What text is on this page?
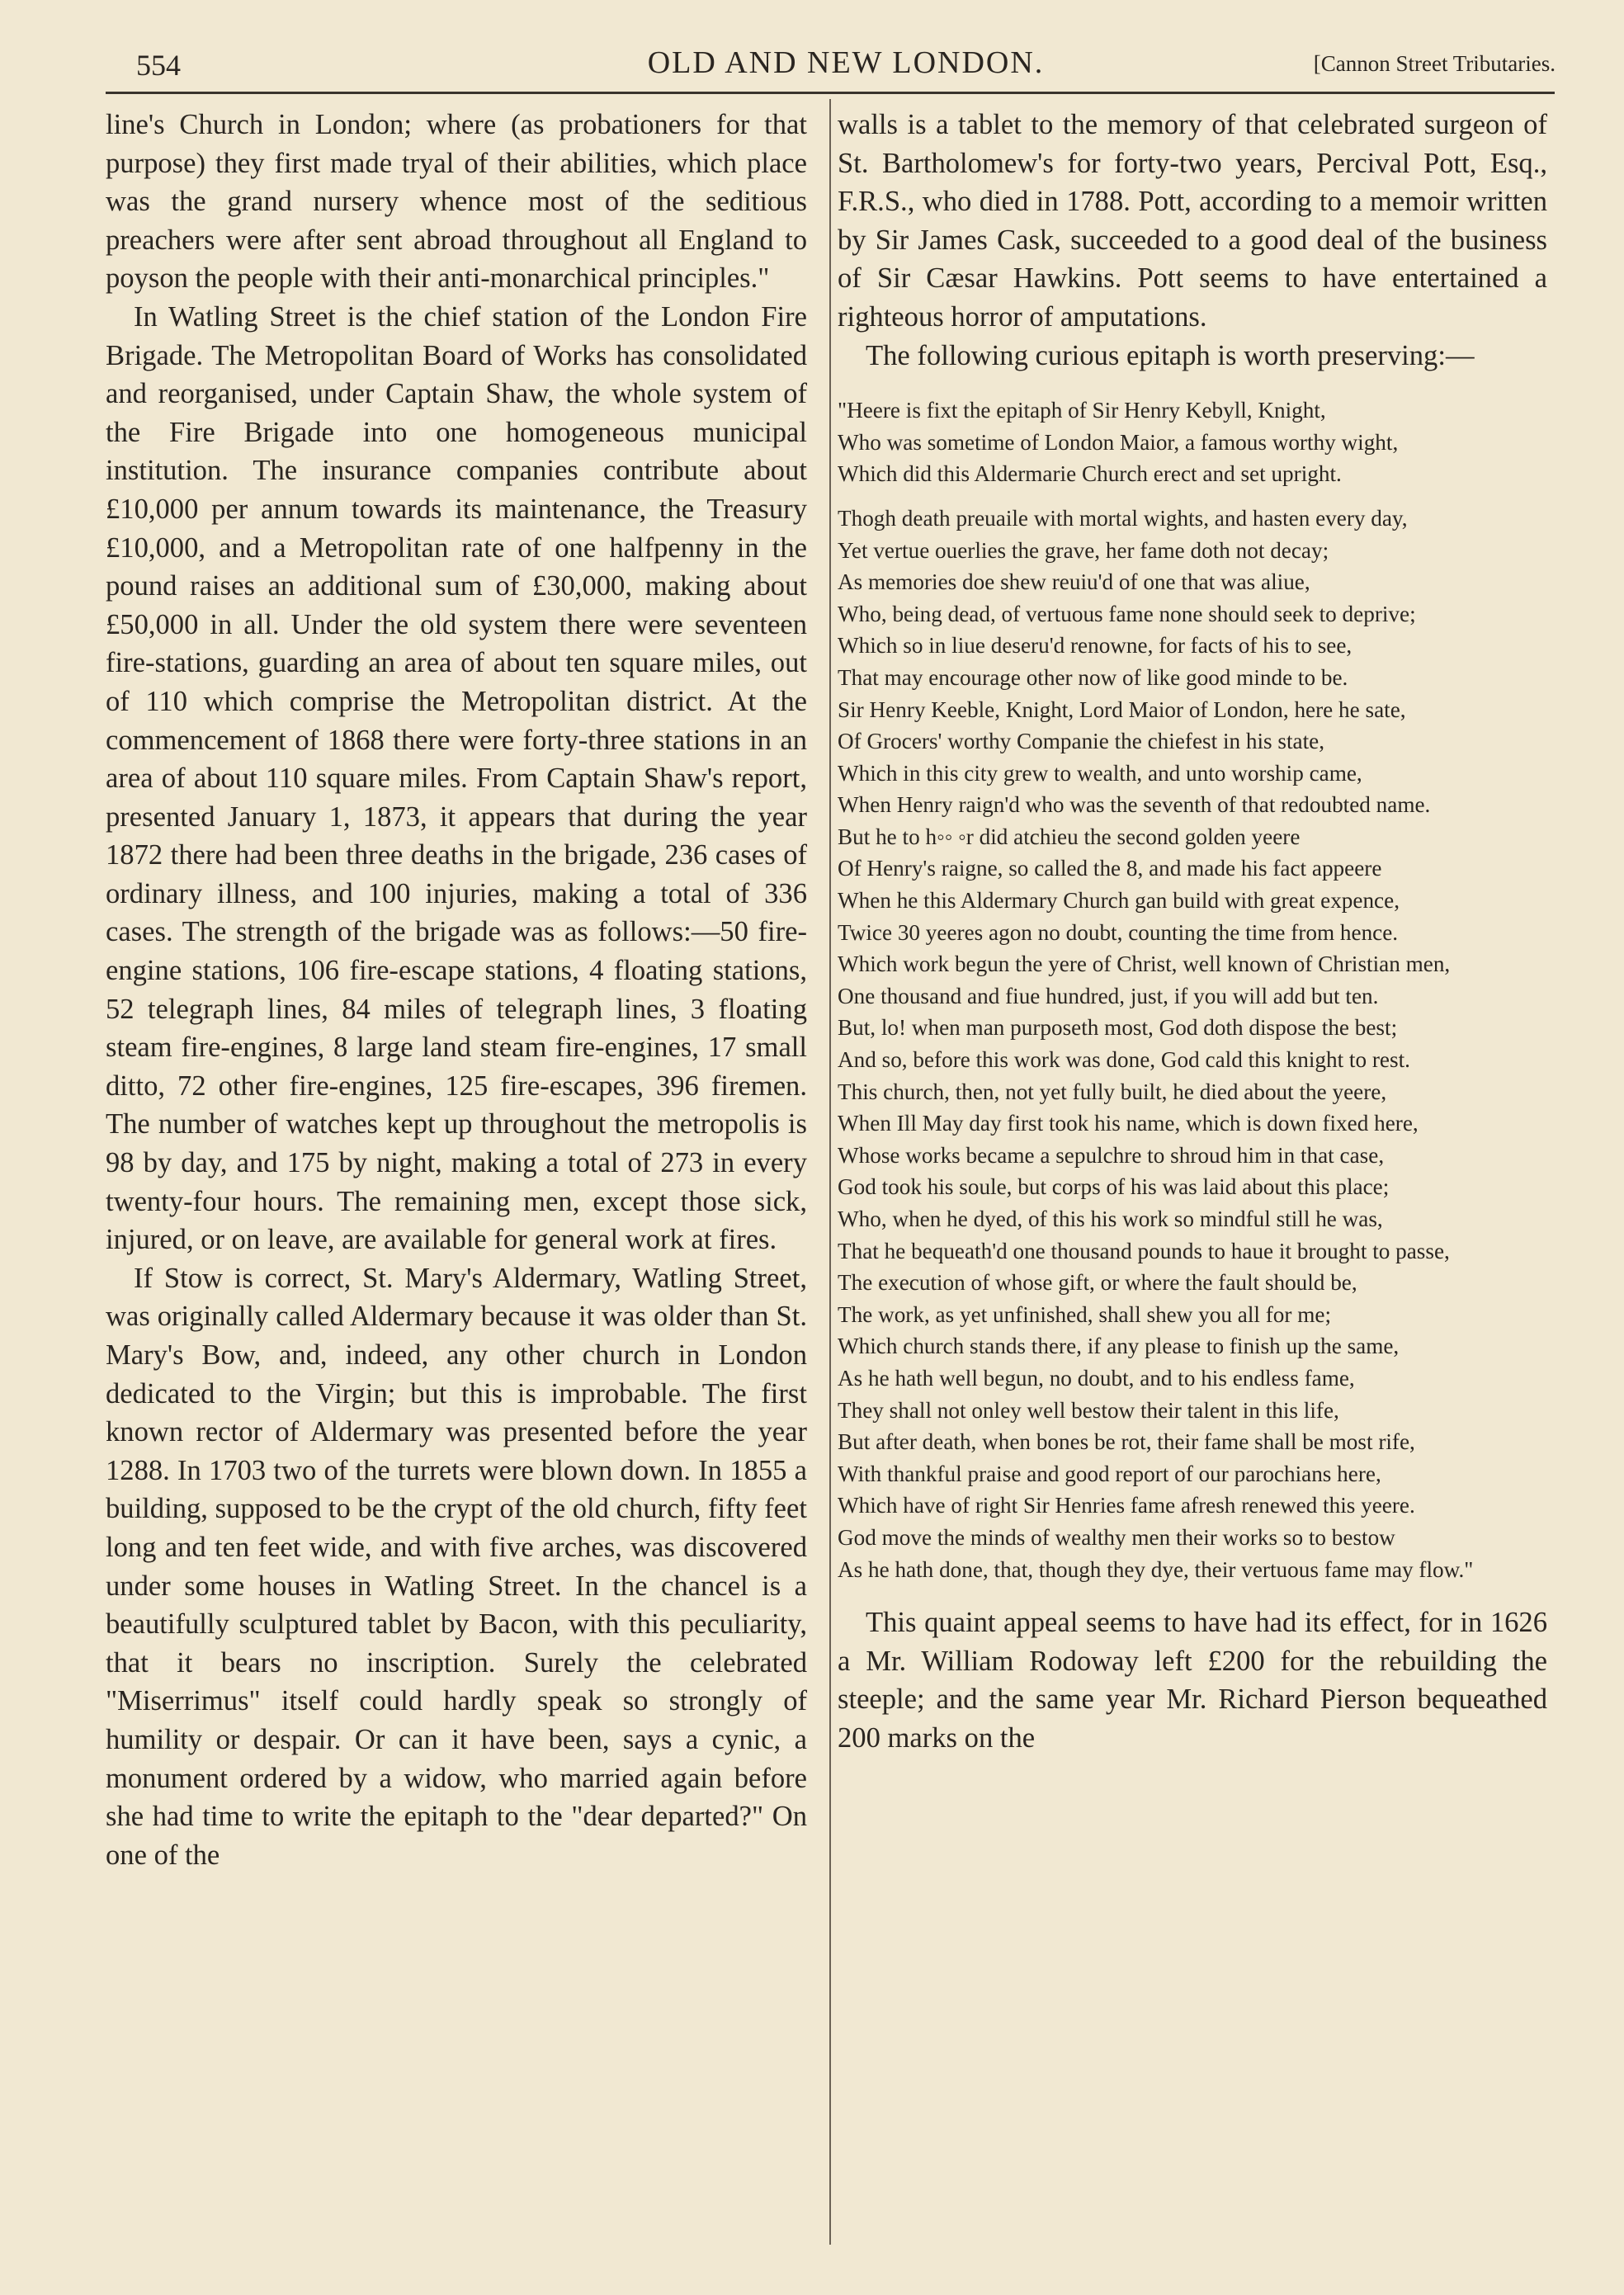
554	OLD AND NEW LONDON.	[Cannon Street Tributaries.

line's Church in London; where (as probationers for that purpose) they first made tryal of their abilities, which place was the grand nursery whence most of the seditious preachers were after sent abroad throughout all England to poyson the people with their anti-monarchical principles."

In Watling Street is the chief station of the London Fire Brigade. The Metropolitan Board of Works has consolidated and reorganised, under Captain Shaw, the whole system of the Fire Brigade into one homogeneous municipal institution. The insurance companies contribute about £10,000 per annum towards its maintenance, the Treasury £10,000, and a Metropolitan rate of one halfpenny in the pound raises an additional sum of £30,000, making about £50,000 in all. Under the old system there were seventeen fire-stations, guarding an area of about ten square miles, out of 110 which comprise the Metropolitan district. At the commencement of 1868 there were forty-three stations in an area of about 110 square miles. From Captain Shaw's report, presented January 1, 1873, it appears that during the year 1872 there had been three deaths in the brigade, 236 cases of ordinary illness, and 100 injuries, making a total of 336 cases. The strength of the brigade was as follows:—50 fire-engine stations, 106 fire-escape stations, 4 floating stations, 52 telegraph lines, 84 miles of telegraph lines, 3 floating steam fire-engines, 8 large land steam fire-engines, 17 small ditto, 72 other fire-engines, 125 fire-escapes, 396 firemen. The number of watches kept up throughout the metropolis is 98 by day, and 175 by night, making a total of 273 in every twenty-four hours. The remaining men, except those sick, injured, or on leave, are available for general work at fires.

If Stow is correct, St. Mary's Aldermary, Watling Street, was originally called Aldermary because it was older than St. Mary's Bow, and, indeed, any other church in London dedicated to the Virgin; but this is improbable. The first known rector of Aldermary was presented before the year 1288. In 1703 two of the turrets were blown down. In 1855 a building, supposed to be the crypt of the old church, fifty feet long and ten feet wide, and with five arches, was discovered under some houses in Watling Street. In the chancel is a beautifully sculptured tablet by Bacon, with this peculiarity, that it bears no inscription. Surely the celebrated "Miserrimus" itself could hardly speak so strongly of humility or despair. Or can it have been, says a cynic, a monument ordered by a widow, who married again before she had time to write the epitaph to the "dear departed?" On one of the

walls is a tablet to the memory of that celebrated surgeon of St. Bartholomew's for forty-two years, Percival Pott, Esq., F.R.S., who died in 1788. Pott, according to a memoir written by Sir James Cask, succeeded to a good deal of the business of Sir Cæsar Hawkins. Pott seems to have entertained a righteous horror of amputations.

The following curious epitaph is worth preserving:—

"Heere is fixt the epitaph of Sir Henry Kebyll, Knight,
Who was sometime of London Maior, a famous worthy wight,
Which did this Aldermarie Church erect and set upright.
Thogh death preuaile with mortal wights, and hasten every day,
Yet vertue ouerlies the grave, her fame doth not decay;
As memories doe shew reuiu'd of one that was aliue,
Who, being dead, of vertuous fame none should seek to deprive;
Which so in liue deseru'd renowne, for facts of his to see,
That may encourage other now of like good minde to be.
Sir Henry Keeble, Knight, Lord Maior of London, here he sate,
Of Grocers' worthy Companie the chiefest in his state,
Which in this city grew to wealth, and unto worship came,
When Henry raign'd who was the seventh of that redoubted name.
But he to h◦◦ ◦r did atchieu the second golden yeere
Of Henry's raigne, so called the 8, and made his fact appeere
When he this Aldermary Church gan build with great expence,
Twice 30 yeeres agon no doubt, counting the time from hence.
Which work begun the yere of Christ, well known of Christian men,
One thousand and fiue hundred, just, if you will add but ten.
But, lo! when man purposeth most, God doth dispose the best;
And so, before this work was done, God cald this knight to rest.
This church, then, not yet fully built, he died about the yeere,
When Ill May day first took his name, which is down fixed here,
Whose works became a sepulchre to shroud him in that case,
God took his soule, but corps of his was laid about this place;
Who, when he dyed, of this his work so mindful still he was,
That he bequeath'd one thousand pounds to haue it brought to passe,
The execution of whose gift, or where the fault should be,
The work, as yet unfinished, shall shew you all for me;
Which church stands there, if any please to finish up the same,
As he hath well begun, no doubt, and to his endless fame,
They shall not onley well bestow their talent in this life,
But after death, when bones be rot, their fame shall be most rife,
With thankful praise and good report of our parochians here,
Which have of right Sir Henries fame afresh renewed this yeere.
God move the minds of wealthy men their works so to bestow
As he hath done, that, though they dye, their vertuous fame may flow."

This quaint appeal seems to have had its effect, for in 1626 a Mr. William Rodoway left £200 for the rebuilding the steeple; and the same year Mr. Richard Pierson bequeathed 200 marks on the
